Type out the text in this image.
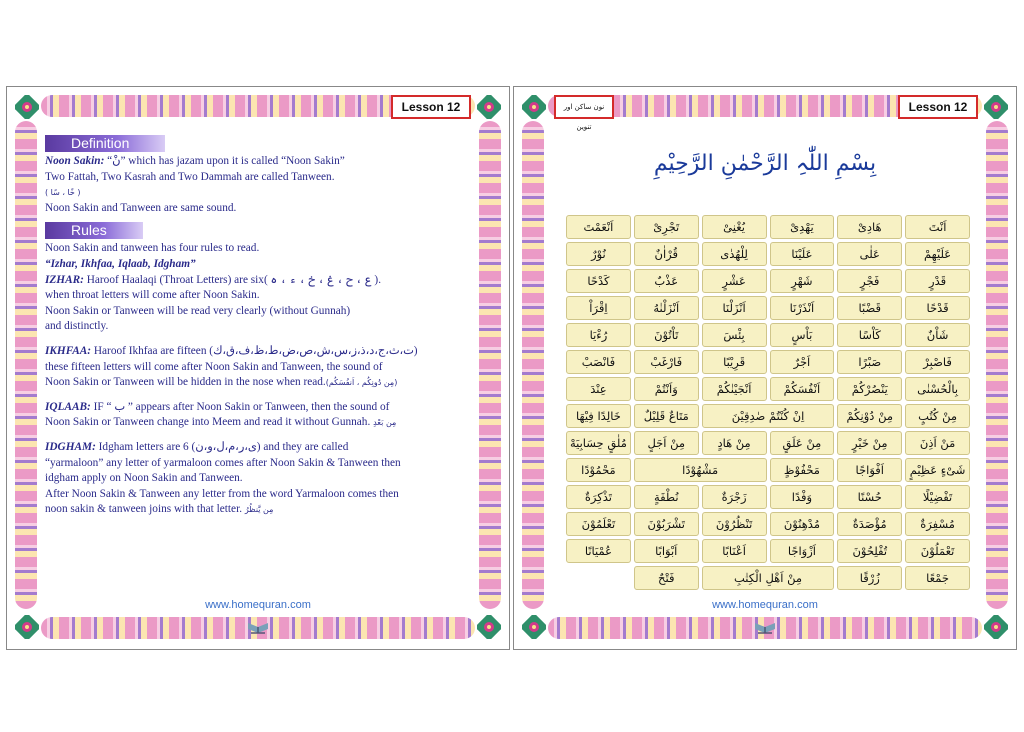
Lesson 12
Definition

Noon Sakin: “نْ” which has jazam upon it is called “Noon Sakin”

Two Fattah, Two Kasrah and Two Dammah are called Tanween.

( خًا ، سًا )

Noon Sakin and Tanween are same sound.

Rules

Noon Sakin and tanween has four rules to read.

“Izhar, Ikhfaa, Iqlaab, Idgham”

IZHAR: Haroof Haalaqi (Throat Letters) are six( ع ، ح ، غ ، خ ، ء ، ہ ).

when throat letters will come after Noon Sakin.

Noon Sakin or Tanween will be read very clearly (without Gunnah)

and distinctly.

IKHFAA: Haroof Ikhfaa are fifteen (ت،ث،ج،د،ذ،ز،س،ش،ص،ض،ط،ظ،ف،ق،ك)

these fifteen letters will come after Noon Sakin and Tanween, the sound of

Noon Sakin or Tanween will be hidden in the nose when read.(مِن دُونِكُم ، اَنفُسَكُم)

IQLAAB: IF “ ب ” appears after Noon Sakin or Tanween, then the sound of

Noon Sakin or Tanween change into Meem and read it without Gunnah. مِن بَعْدِ

IDGHAM: Idgham letters are 6 (ى،ر،م،ل،و،ن) and they are called

“yarmaloon” any letter of yarmaloon comes after Noon Sakin & Tanween then

idgham apply on Noon Sakin and Tanween.

After Noon Sakin & Tanween any letter from the word Yarmaloon comes then

noon sakin & tanween joins with that letter. مِن يَّنظُرُ

www.homequran.com
نون ساکن اور تنوین
Lesson 12
بِسْمِ اللّٰہِ الرَّحْمٰنِ الرَّحِیْمِ
اَنْتَ
هَادِىْ
يَهْدِىْ
يُغْنِىْ
تَجْرِىْ
اَنْعَمْتَ
عَلَيْهِمْ
عَلٰى
عَلَيْنَا
لِلْهُدٰى
قُرْاٰنٌ
نُوْرٌ
قَدْرٍ
فَجْرٍ
شَهْرٍ
عَشْرٍ
عَذْبٌ
كَدْحًا
قَدْحًا
قَضْبًا
اَنْذَرْنَا
اَنْزَلْنَا
اَنْزَلْنٰهُ
اِقْرَاْ
شَاْنٌ
كَاْسًا
بَاْسٍ
بِئْسَ
تَاْتُوْنَ
رُءْيَا
فَاصْبِرْ
صَبْرًا
اَجْرٌ
قَرِيْبًا
فَارْغَبْ
فَانْصَبْ
بِالْحُسْنٰى
يَنْصُرْكُمْ
اَنْفُسَكُمْ
اَنْجَيْنٰكُمْ
وَاَنْتُمْ
عِنْدَ
مِنْ كُتُبٍ
مِنْ دُوْنِكُمْ
اِنْ كُنْتُمْ صٰدِقِيْنَ
مَتَاعٌ قَلِيْلٌ
خَالِدًا فِيْهَا
مَنْ اَذِنَ
مِنْ خَيْرٍ
مِنْ عَلَقٍ
مِنْ هَادٍ
مِنْ اَجَلٍ
مُلٰقٍ حِسَابِيَهْ
شَىْءٍ عَظِيْمٍ
اَفْوَاجًا
مَحْفُوْظٍ
مَشْهُوْدًا
مَحْمُوْدًا
تَفْضِيْلًا
حُسْنًا
وَفْدًا
زَجْرَةٌ
نُطْفَةٍ
تَذْكِرَةٌ
مُسْفِرَةٌ
مُؤْصَدَةٌ
مُدْهِنُوْنَ
تَنْظُرُوْنَ
تَشْرَبُوْنَ
تَعْلَمُوْنَ
تَعْمَلُوْنَ
تُفْلِحُوْنَ
اَزْوَاجًا
اَعْنَابًا
اَبْوَابًا
عُمْيَانًا
جَمْعًا
زُرْقًا
مِنْ اَهْلِ الْكِتٰبِ
فَتْحٌ
www.homequran.com
